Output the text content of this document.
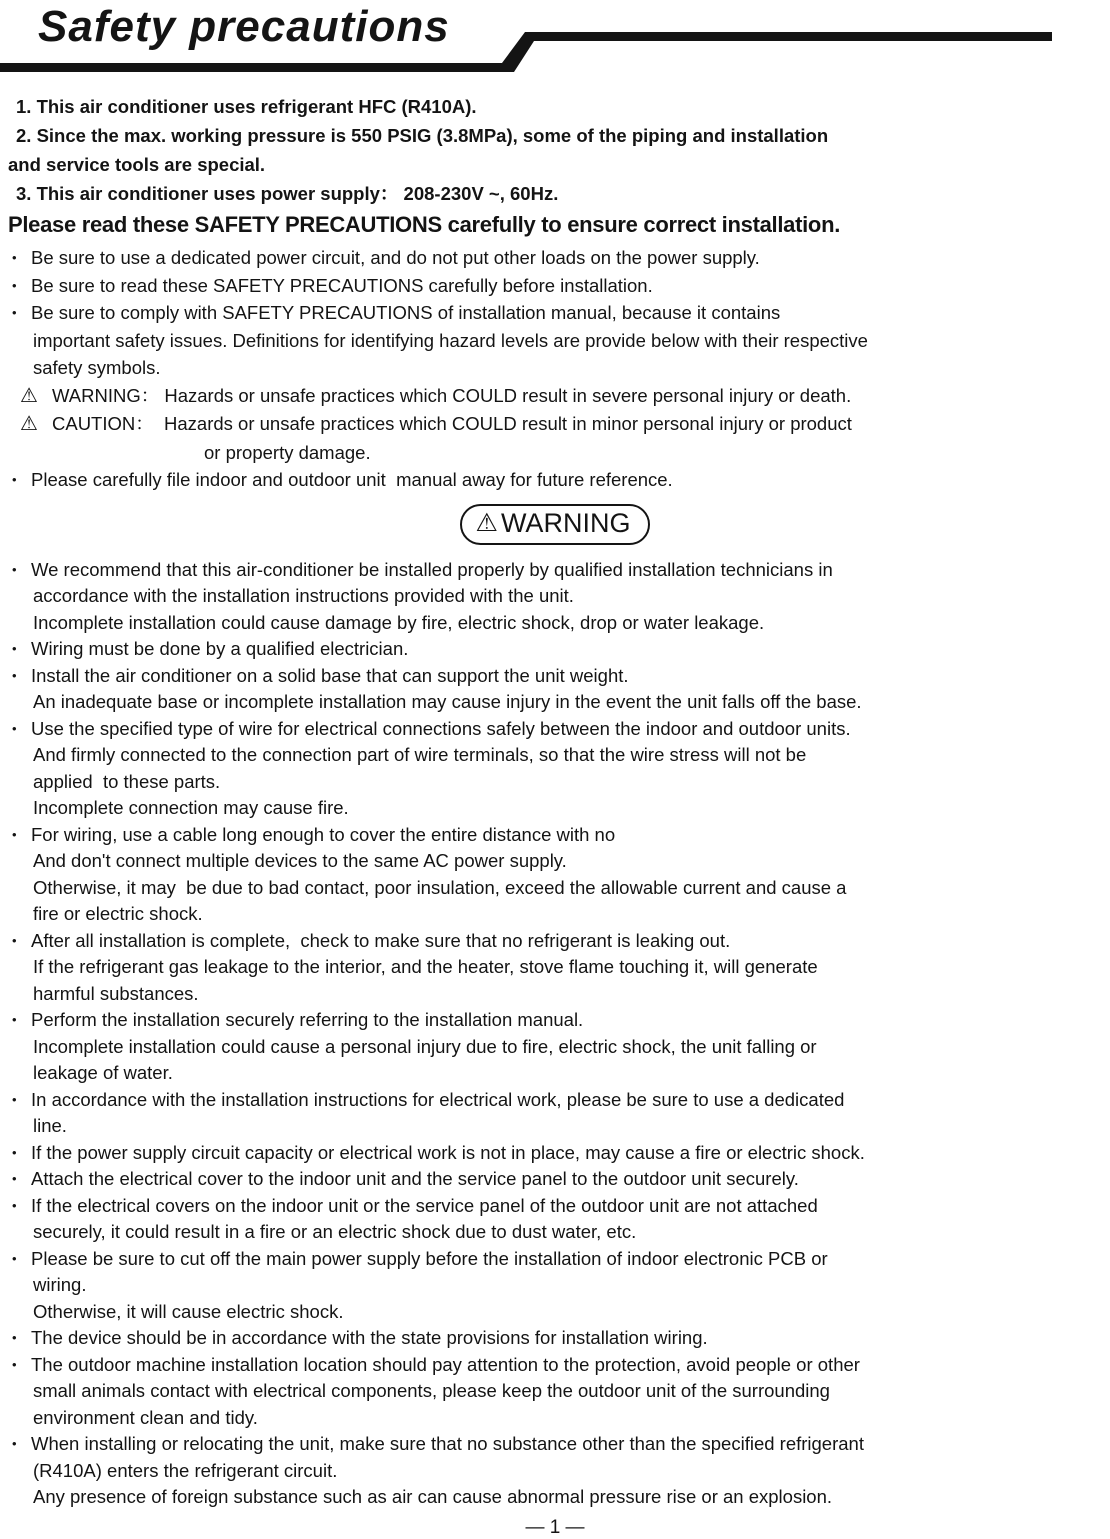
Safety precautions
1. This air conditioner uses refrigerant HFC (R410A).
2. Since the max. working pressure is 550 PSIG (3.8MPa), some of the piping and installation
and service tools are special.
3. This air conditioner uses power supply： 208-230V ~, 60Hz.
Please read these SAFETY PRECAUTIONS carefully to ensure correct installation.
• Be sure to use a dedicated power circuit, and do not put other loads on the power supply.
• Be sure to read these SAFETY PRECAUTIONS carefully before installation.
• Be sure to comply with SAFETY PRECAUTIONS of installation manual, because it contains
important safety issues. Definitions for identifying hazard levels are provide below with their respective
safety symbols.
⚠ WARNING： Hazards or unsafe practices which COULD result in severe personal injury or death.
⚠ CAUTION：  Hazards or unsafe practices which COULD result in minor personal injury or product
or property damage.
• Please carefully file indoor and outdoor unit  manual away for future reference.
⚠ WARNING
• We recommend that this air-conditioner be installed properly by qualified installation technicians in
accordance with the installation instructions provided with the unit.
Incomplete installation could cause damage by fire, electric shock, drop or water leakage.
• Wiring must be done by a qualified electrician.
• Install the air conditioner on a solid base that can support the unit weight.
An inadequate base or incomplete installation may cause injury in the event the unit falls off the base.
• Use the specified type of wire for electrical connections safely between the indoor and outdoor units.
And firmly connected to the connection part of wire terminals, so that the wire stress will not be
applied  to these parts.
Incomplete connection may cause fire.
• For wiring, use a cable long enough to cover the entire distance with no
And don't connect multiple devices to the same AC power supply.
Otherwise, it may  be due to bad contact, poor insulation, exceed the allowable current and cause a
fire or electric shock.
• After all installation is complete,  check to make sure that no refrigerant is leaking out.
If the refrigerant gas leakage to the interior, and the heater, stove flame touching it, will generate
harmful substances.
• Perform the installation securely referring to the installation manual.
Incomplete installation could cause a personal injury due to fire, electric shock, the unit falling or
leakage of water.
• In accordance with the installation instructions for electrical work, please be sure to use a dedicated
line.
• If the power supply circuit capacity or electrical work is not in place, may cause a fire or electric shock.
• Attach the electrical cover to the indoor unit and the service panel to the outdoor unit securely.
• If the electrical covers on the indoor unit or the service panel of the outdoor unit are not attached
securely, it could result in a fire or an electric shock due to dust water, etc.
• Please be sure to cut off the main power supply before the installation of indoor electronic PCB or
wiring.
Otherwise, it will cause electric shock.
• The device should be in accordance with the state provisions for installation wiring.
• The outdoor machine installation location should pay attention to the protection, avoid people or other
small animals contact with electrical components, please keep the outdoor unit of the surrounding
environment clean and tidy.
• When installing or relocating the unit, make sure that no substance other than the specified refrigerant
(R410A) enters the refrigerant circuit.
Any presence of foreign substance such as air can cause abnormal pressure rise or an explosion.
— 1 —
